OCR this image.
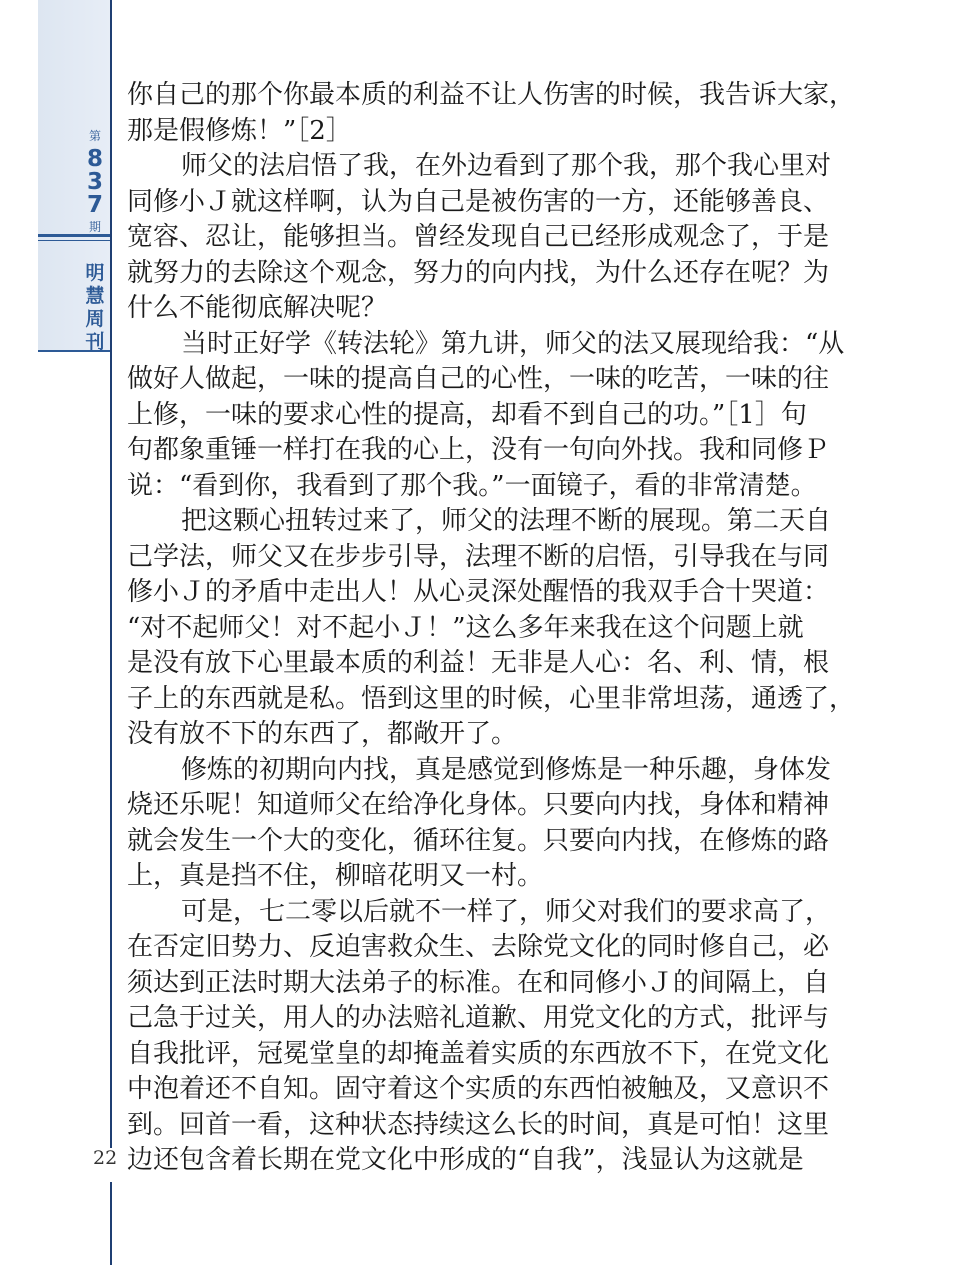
第
8
3
7
期
明
慧
周
刊
22
你自己的那个你最本质的利益不让人伤害的时候，我告诉大家，
那是假修炼！”［2］
师父的法启悟了我，在外边看到了那个我，那个我心里对
同修小Ｊ就这样啊，认为自己是被伤害的一方，还能够善良、
宽容、忍让，能够担当。曾经发现自己已经形成观念了，于是
就努力的去除这个观念，努力的向内找，为什么还存在呢？为
什么不能彻底解决呢？
当时正好学《转法轮》第九讲，师父的法又展现给我：“从
做好人做起，一味的提高自己的心性，一味的吃苦，一味的往
上修，一味的要求心性的提高，却看不到自己的功。”［1］句
句都象重锤一样打在我的心上，没有一句向外找。我和同修Ｐ
说：“看到你，我看到了那个我。”一面镜子，看的非常清楚。
把这颗心扭转过来了，师父的法理不断的展现。第二天自
己学法，师父又在步步引导，法理不断的启悟，引导我在与同
修小Ｊ的矛盾中走出人！从心灵深处醒悟的我双手合十哭道：
“对不起师父！对不起小Ｊ！”这么多年来我在这个问题上就
是没有放下心里最本质的利益！无非是人心：名、利、情，根
子上的东西就是私。悟到这里的时候，心里非常坦荡，通透了，
没有放不下的东西了，都敞开了。
修炼的初期向内找，真是感觉到修炼是一种乐趣，身体发
烧还乐呢！知道师父在给净化身体。只要向内找，身体和精神
就会发生一个大的变化，循环往复。只要向内找，在修炼的路
上，真是挡不住，柳暗花明又一村。
可是，七二零以后就不一样了，师父对我们的要求高了，
在否定旧势力、反迫害救众生、去除党文化的同时修自己，必
须达到正法时期大法弟子的标准。在和同修小Ｊ的间隔上，自
己急于过关，用人的办法赔礼道歉、用党文化的方式，批评与
自我批评，冠冕堂皇的却掩盖着实质的东西放不下，在党文化
中泡着还不自知。固守着这个实质的东西怕被触及，又意识不
到。回首一看，这种状态持续这么长的时间，真是可怕！这里
边还包含着长期在党文化中形成的“自我”，浅显认为这就是
